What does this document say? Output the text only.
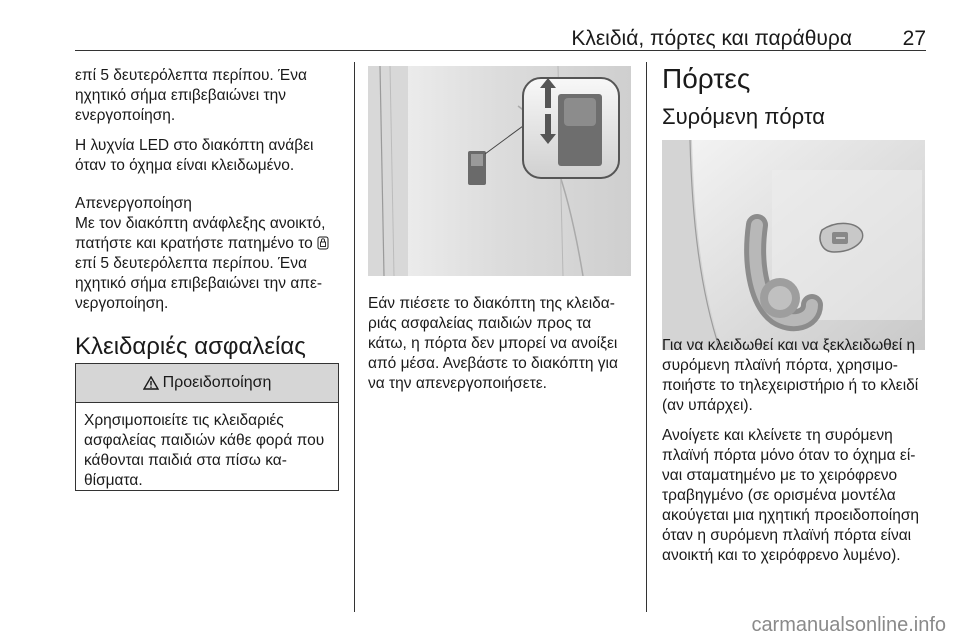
Κλειδιά, πόρτες και παράθυρα 27

επί 5 δευτερόλεπτα περίπου. Ένα ηχητικό σήμα επιβεβαιώνει την ενεργοποίηση.

Η λυχνία LED στο διακόπτη ανάβει όταν το όχημα είναι κλειδωμένο.

Απενεργοποίηση

Με τον διακόπτη ανάφλεξης ανοικτό, πατήστε και κρατήστε πατημένο το  επί 5 δευτερόλεπτα περίπου. Ένα ηχητικό σήμα επιβεβαιώνει την απε-νεργοποίηση.

Κλειδαριές ασφαλείας
Προειδοποίηση
Χρησιμοποιείτε τις κλειδαριές ασφαλείας παιδιών κάθε φορά που κάθονται παιδιά στα πίσω κα-θίσματα.

Εάν πιέσετε το διακόπτη της κλειδα-ριάς ασφαλείας παιδιών προς τα κάτω, η πόρτα δεν μπορεί να ανοίξει από μέσα. Ανεβάστε το διακόπτη για να την απενεργοποιήσετε.

Πόρτες
Συρόμενη πόρτα

Για να κλειδωθεί και να ξεκλειδωθεί η συρόμενη πλαϊνή πόρτα, χρησιμο-ποιήστε το τηλεχειριστήριο ή το κλειδί (αν υπάρχει).

Ανοίγετε και κλείνετε τη συρόμενη πλαϊνή πόρτα μόνο όταν το όχημα εί-ναι σταματημένο με το χειρόφρενο τραβηγμένο (σε ορισμένα μοντέλα ακούγεται μια ηχητική προειδοποίηση όταν η συρόμενη πλαϊνή πόρτα είναι ανοικτή και το χειρόφρενο λυμένο).

carmanualsonline.info
